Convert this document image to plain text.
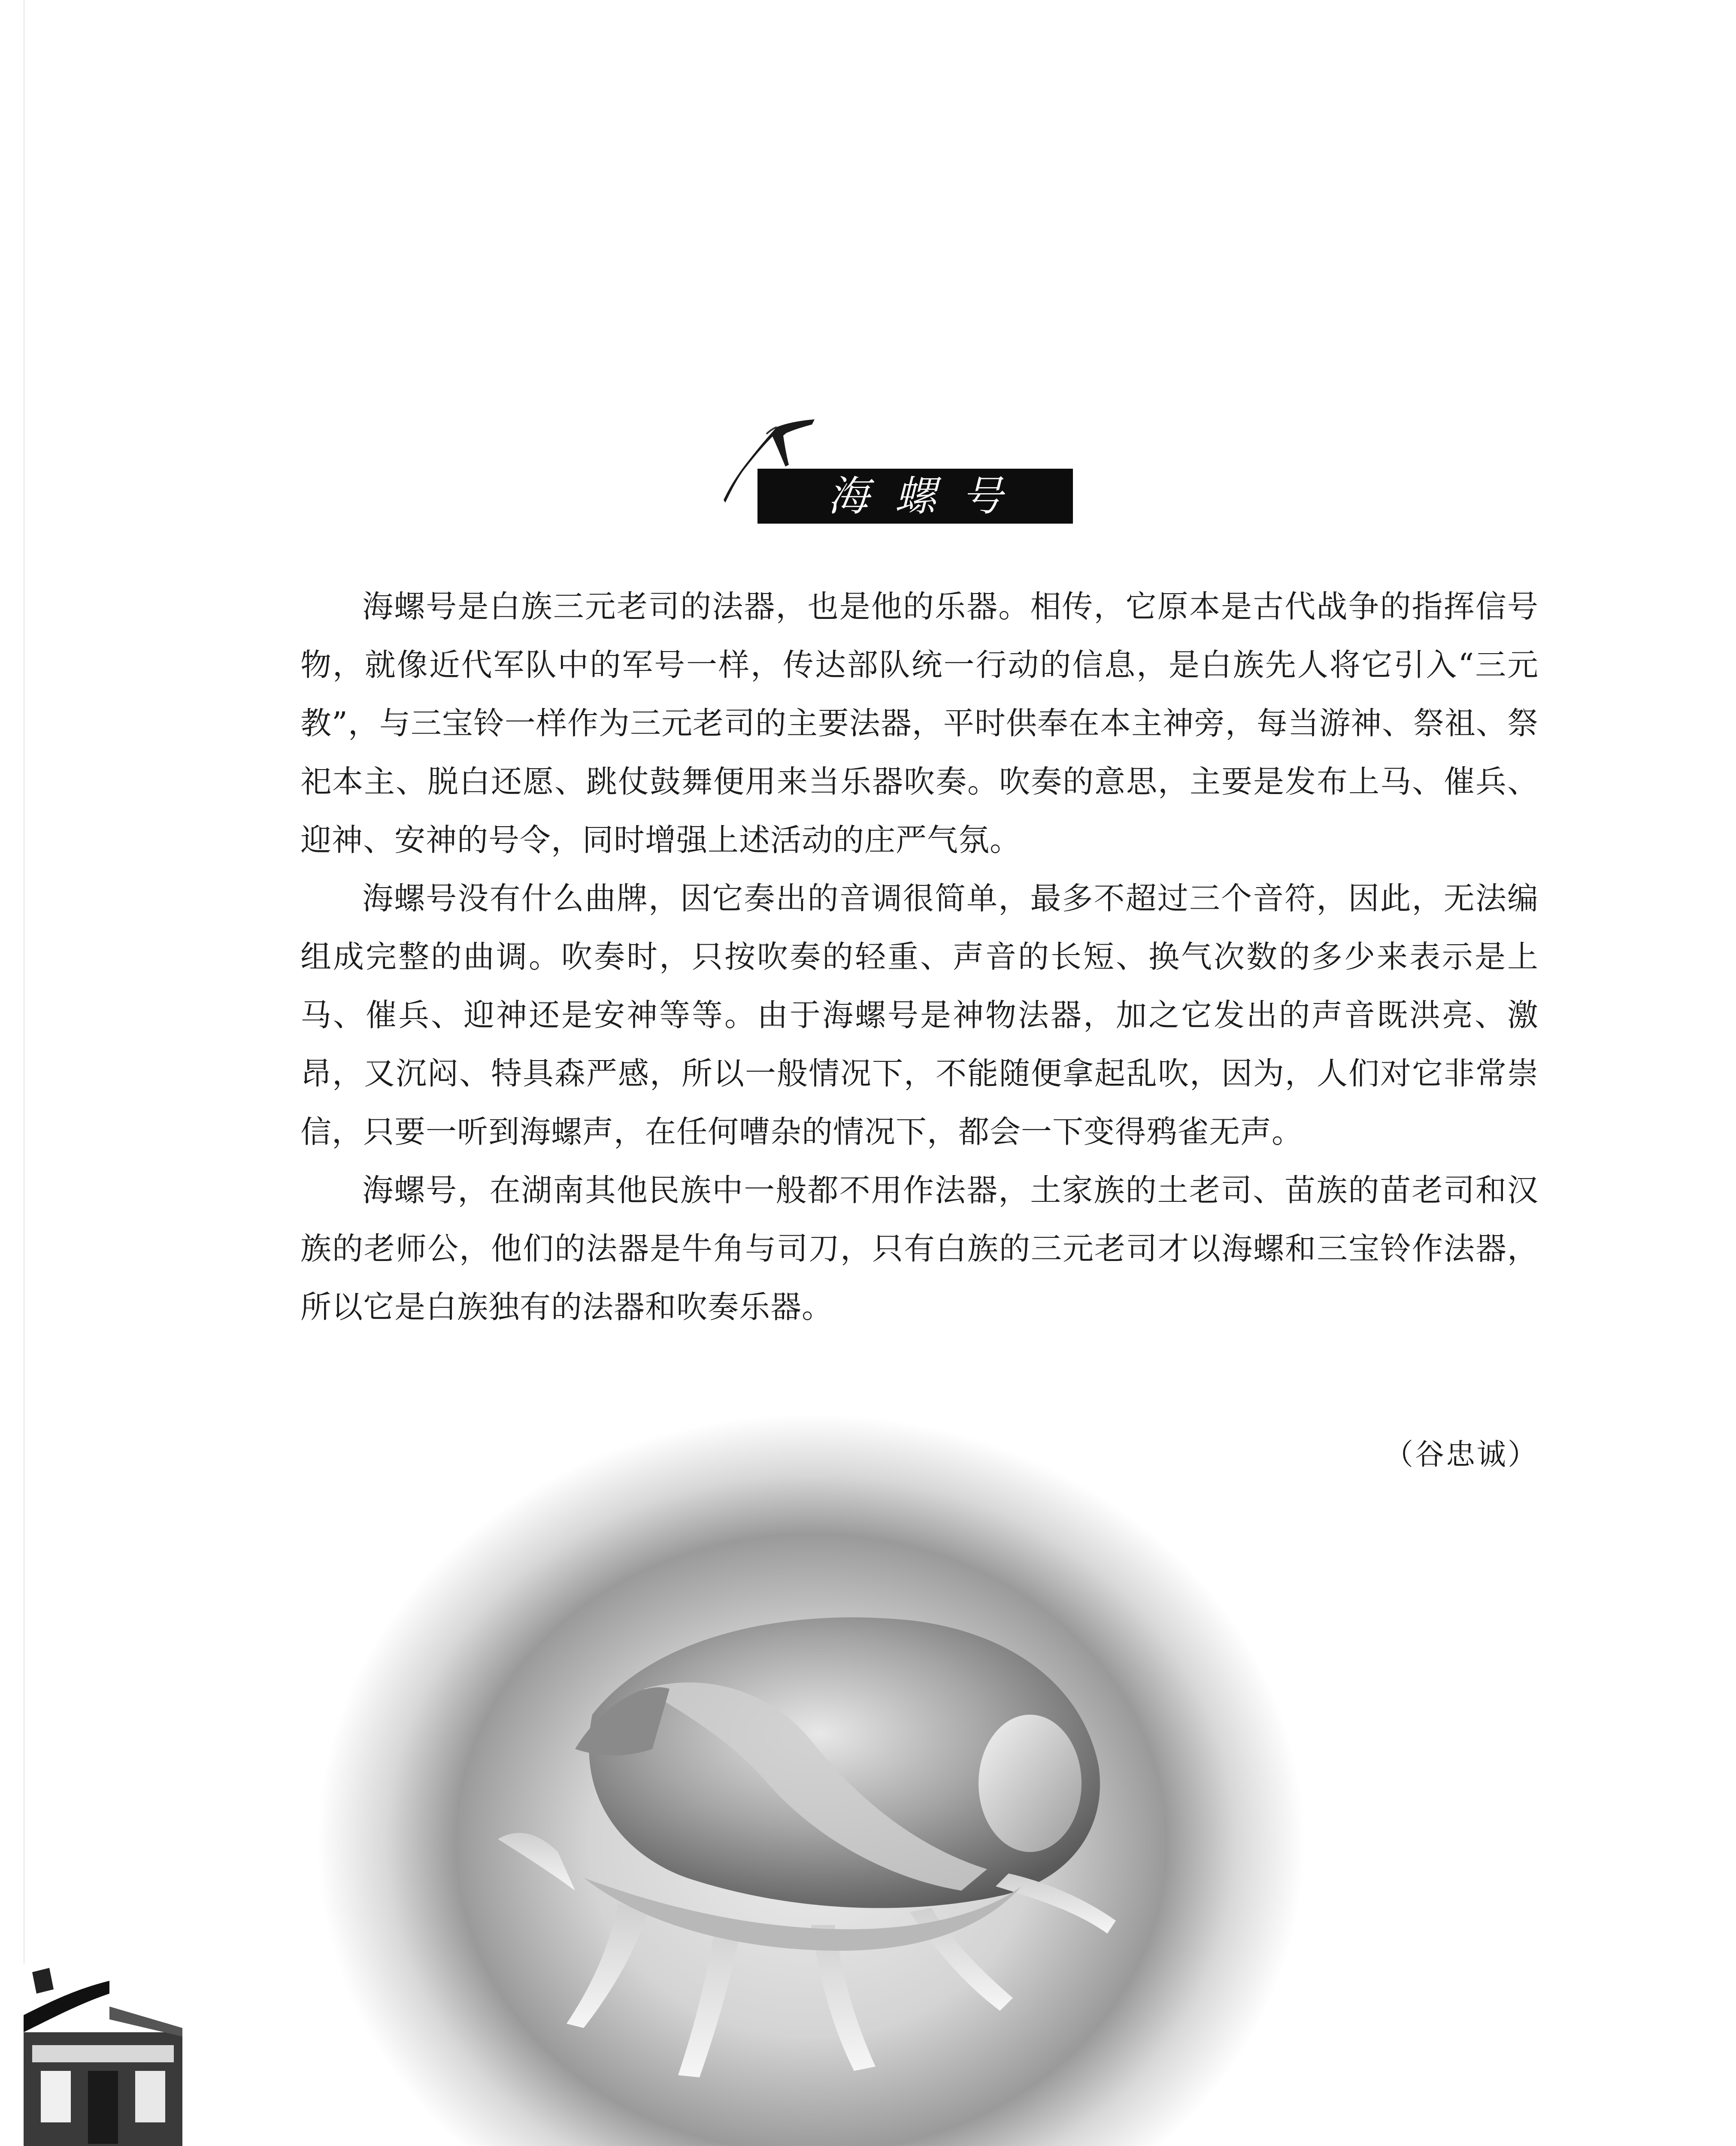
海螺号

海螺号是白族三元老司的法器，也是他的乐器。相传，它原本是古代战争的指挥信号物，就像近代军队中的军号一样，传达部队统一行动的信息，是白族先人将它引入“三元教”，与三宝铃一样作为三元老司的主要法器，平时供奉在本主神旁，每当游神、祭祖、祭祀本主、脱白还愿、跳仗鼓舞便用来当乐器吹奏。吹奏的意思，主要是发布上马、催兵、迎神、安神的号令，同时增强上述活动的庄严气氛。

海螺号没有什么曲牌，因它奏出的音调很简单，最多不超过三个音符，因此，无法编组成完整的曲调。吹奏时，只按吹奏的轻重、声音的长短、换气次数的多少来表示是上马、催兵、迎神还是安神等等。由于海螺号是神物法器，加之它发出的声音既洪亮、激昂，又沉闷、特具森严感，所以一般情况下，不能随便拿起乱吹，因为，人们对它非常崇信，只要一听到海螺声，在任何嘈杂的情况下，都会一下变得鸦雀无声。

海螺号，在湖南其他民族中一般都不用作法器，土家族的土老司、苗族的苗老司和汉族的老师公，他们的法器是牛角与司刀，只有白族的三元老司才以海螺和三宝铃作法器，所以它是白族独有的法器和吹奏乐器。

（谷忠诚）
